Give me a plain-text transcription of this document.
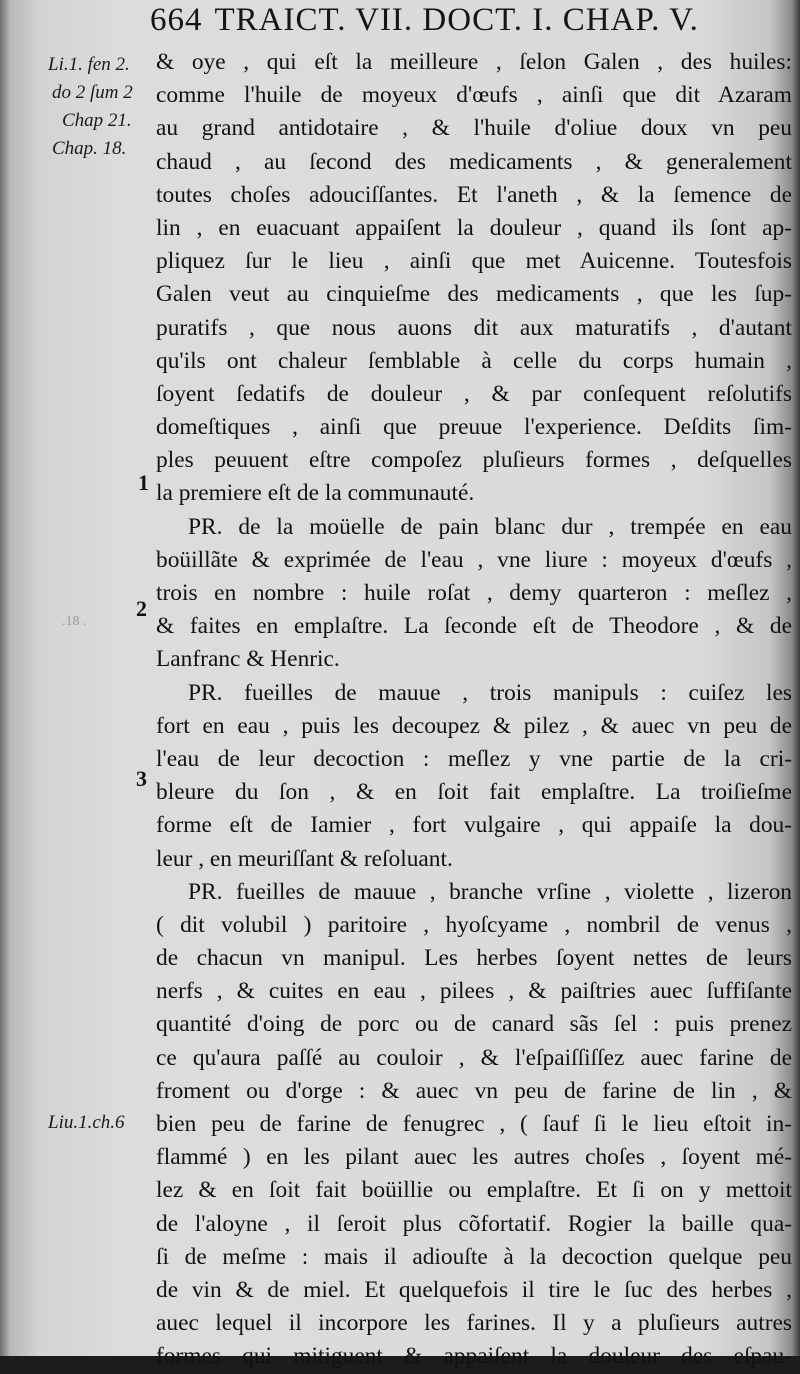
664 TRAICT. VII. DOCT. I. CHAP. V.
Li.1. fen 2.
do 2 ſum 2
Chap 21.
Chap. 18.
Liu.1.ch.6
1
2
3
.18 .
& oye , qui eſt la meilleure , ſelon Galen , des huiles:
comme l'huile de moyeux d'œufs , ainſi que dit Azaram
au grand antidotaire , & l'huile d'oliue doux vn peu
chaud , au ſecond des medicaments , & generalement
toutes choſes adouciſſantes. Et l'aneth , & la ſemence de
lin , en euacuant appaiſent la douleur , quand ils ſont ap-
pliquez ſur le lieu , ainſi que met Auicenne. Toutesfois
Galen veut au cinquieſme des medicaments , que les ſup-
puratifs , que nous auons dit aux maturatifs , d'autant
qu'ils ont chaleur ſemblable à celle du corps humain ,
ſoyent ſedatifs de douleur , & par conſequent reſolutifs
domeſtiques , ainſi que preuue l'experience. Deſdits ſim-
ples peuuent eſtre compoſez pluſieurs formes , deſquelles
la premiere eſt de la communauté.
PR. de la moüelle de pain blanc dur , trempée en eau
boüillãte & exprimée de l'eau , vne liure : moyeux d'œufs ,
trois en nombre : huile roſat , demy quarteron : meſlez ,
& faites en emplaſtre. La ſeconde eſt de Theodore , & de
Lanfranc & Henric.
PR. fueilles de mauue , trois manipuls : cuiſez les
fort en eau , puis les decoupez & pilez , & auec vn peu de
l'eau de leur decoction : meſlez y vne partie de la cri-
bleure du ſon , & en ſoit fait emplaſtre. La troiſieſme
forme eſt de Iamier , fort vulgaire , qui appaiſe la dou-
leur , en meuriſſant & reſoluant.
PR. fueilles de mauue , branche vrſine , violette , lizeron
( dit volubil ) paritoire , hyoſcyame , nombril de venus ,
de chacun vn manipul. Les herbes ſoyent nettes de leurs
nerfs , & cuites en eau , pilees , & paiſtries auec ſuffiſante
quantité d'oing de porc ou de canard sãs ſel : puis prenez
ce qu'aura paſſé au couloir , & l'eſpaiſſiſſez auec farine de
froment ou d'orge : & auec vn peu de farine de lin , &
bien peu de farine de fenugrec , ( ſauf ſi le lieu eſtoit in-
flammé ) en les pilant auec les autres choſes , ſoyent mé-
lez & en ſoit fait boüillie ou emplaſtre. Et ſi on y mettoit
de l'aloyne , il ſeroit plus cõfortatif. Rogier la baille qua-
ſi de meſme : mais il adiouſte à la decoction quelque peu
de vin & de miel. Et quelquefois il tire le ſuc des herbes ,
auec lequel il incorpore les farines. Il y a pluſieurs autres
formes qui mitiguent & appaiſent la douleur des eſpau-
